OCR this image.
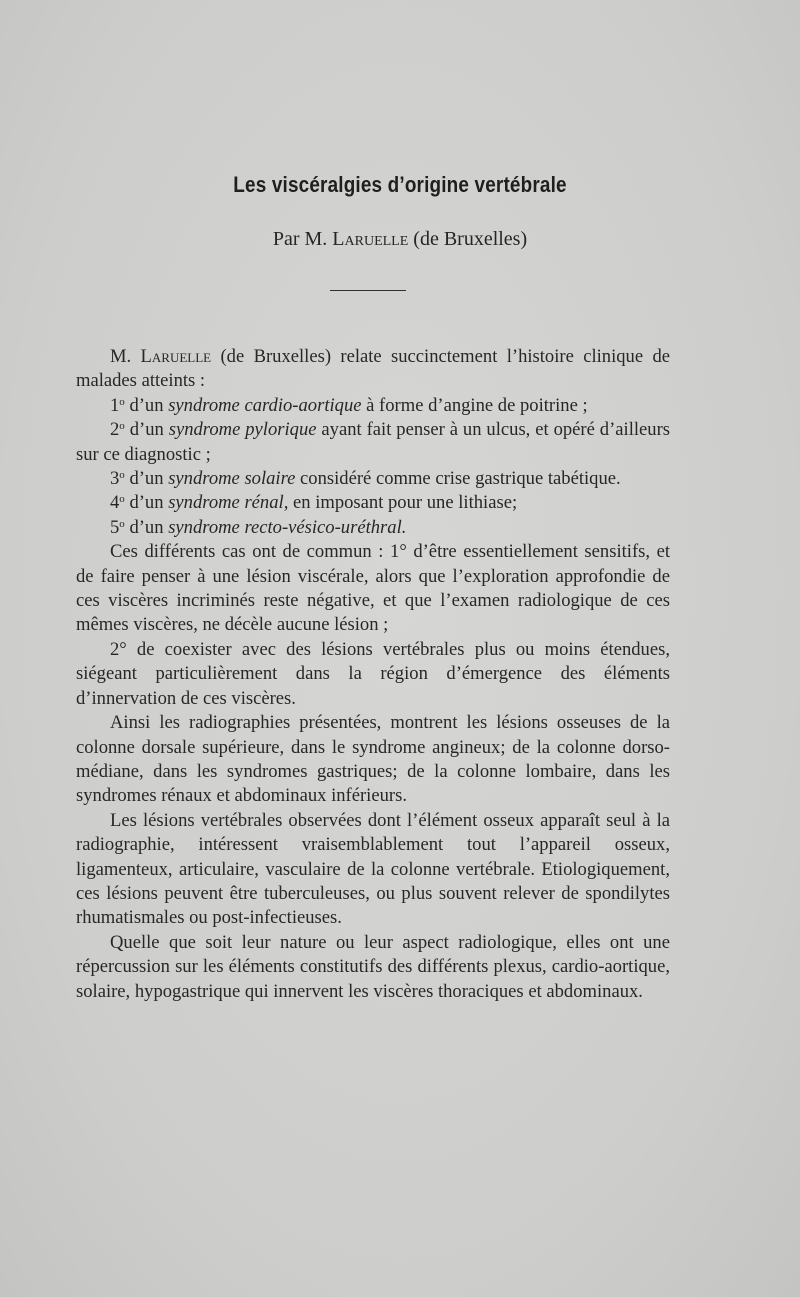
Les viscéralgies d’origine vertébrale
Par M. Laruelle (de Bruxelles)

M. Laruelle (de Bruxelles) relate succinctement l’histoire clinique de malades atteints :

1$^o$ d’un syndrome cardio-aortique à forme d’angine de poitrine ;

2$^o$ d’un syndrome pylorique ayant fait penser à un ulcus, et opéré d’ailleurs sur ce diagnostic ;

3$^o$ d’un syndrome solaire considéré comme crise gastrique tabétique.

4$^o$ d’un syndrome rénal, en imposant pour une lithiase;

5$^o$ d’un syndrome recto-vésico-uréthral.

Ces différents cas ont de commun : 1° d’être essentiellement sensitifs, et de faire penser à une lésion viscérale, alors que l’exploration approfondie de ces viscères incriminés reste négative, et que l’examen radiologique de ces mêmes viscères, ne décèle aucune lésion ;

2° de coexister avec des lésions vertébrales plus ou moins étendues, siégeant particulièrement dans la région d’émergence des éléments d’innervation de ces viscères.

Ainsi les radiographies présentées, montrent les lésions osseuses de la colonne dorsale supérieure, dans le syndrome angineux; de la colonne dorso-médiane, dans les syndromes gastriques; de la colonne lombaire, dans les syndromes rénaux et abdominaux inférieurs.

Les lésions vertébrales observées dont l’élément osseux apparaît seul à la radiographie, intéressent vraisemblablement tout l’appareil osseux, ligamenteux, articulaire, vasculaire de la colonne vertébrale. Etiologiquement, ces lésions peuvent être tuberculeuses, ou plus souvent relever de spondilytes rhumatismales ou post-infectieuses.

Quelle que soit leur nature ou leur aspect radiologique, elles ont une répercussion sur les éléments constitutifs des différents plexus, cardio-aortique, solaire, hypogastrique qui innervent les viscères thoraciques et abdominaux.
